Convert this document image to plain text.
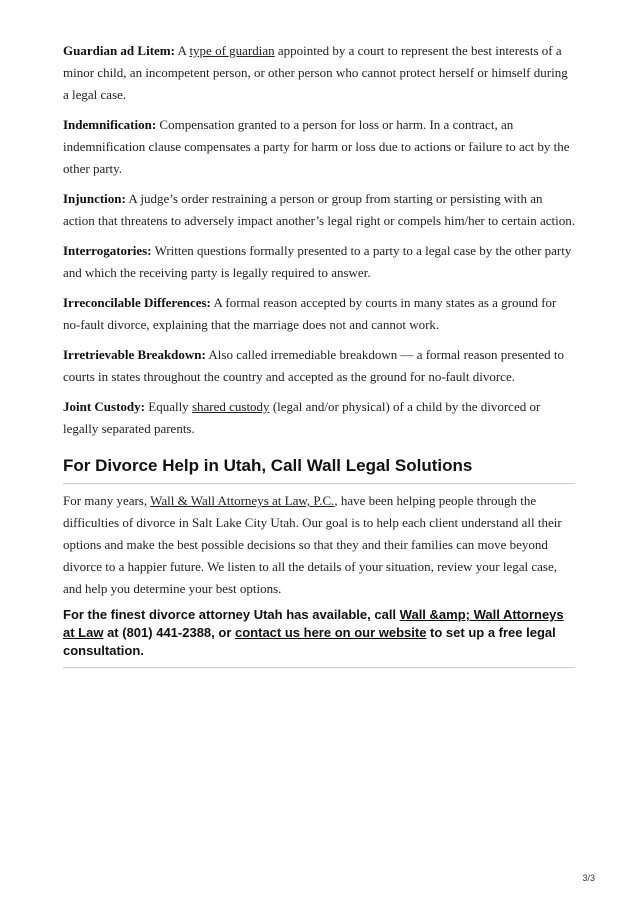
Guardian ad Litem: A type of guardian appointed by a court to represent the best interests of a minor child, an incompetent person, or other person who cannot protect herself or himself during a legal case.

Indemnification: Compensation granted to a person for loss or harm. In a contract, an indemnification clause compensates a party for harm or loss due to actions or failure to act by the other party.

Injunction: A judge’s order restraining a person or group from starting or persisting with an action that threatens to adversely impact another’s legal right or compels him/her to certain action.

Interrogatories: Written questions formally presented to a party to a legal case by the other party and which the receiving party is legally required to answer.

Irreconcilable Differences: A formal reason accepted by courts in many states as a ground for no-fault divorce, explaining that the marriage does not and cannot work.

Irretrievable Breakdown: Also called irremediable breakdown — a formal reason presented to courts in states throughout the country and accepted as the ground for no-fault divorce.

Joint Custody: Equally shared custody (legal and/or physical) of a child by the divorced or legally separated parents.

For Divorce Help in Utah, Call Wall Legal Solutions

For many years, Wall & Wall Attorneys at Law, P.C., have been helping people through the difficulties of divorce in Salt Lake City Utah. Our goal is to help each client understand all their options and make the best possible decisions so that they and their families can move beyond divorce to a happier future. We listen to all the details of your situation, review your legal case, and help you determine your best options.

For the finest divorce attorney Utah has available, call Wall &amp; Wall Attorneys at Law at (801) 441-2388, or contact us here on our website to set up a free legal consultation.

3/3
